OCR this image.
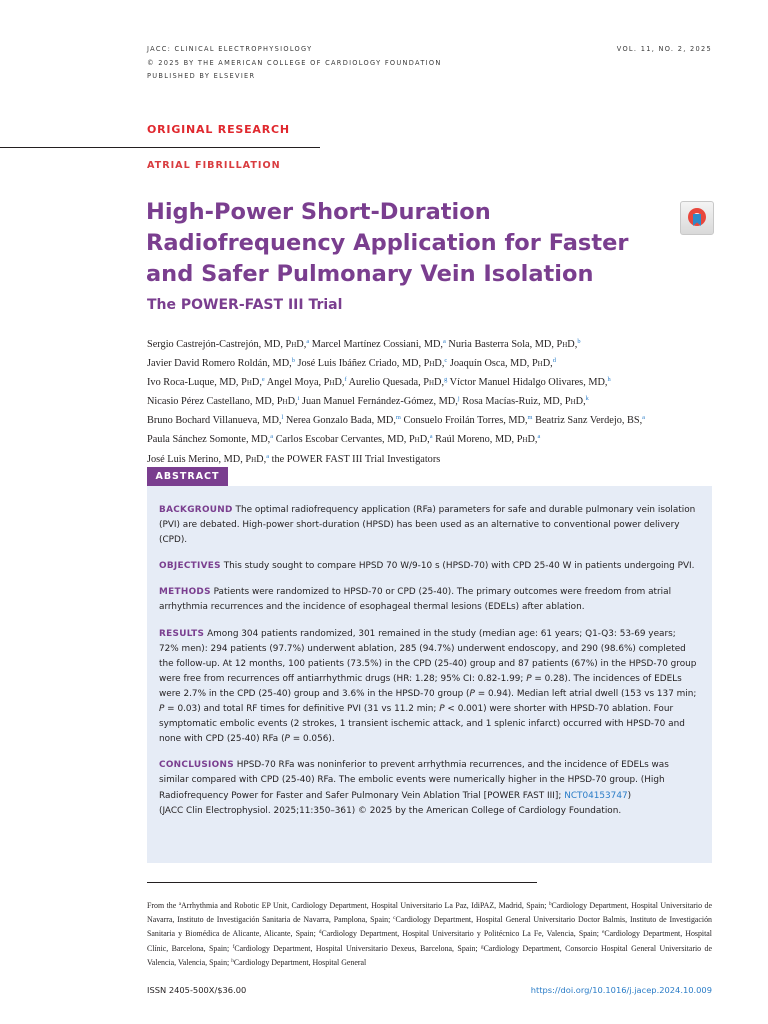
JACC: CLINICAL ELECTROPHYSIOLOGY
© 2025 BY THE AMERICAN COLLEGE OF CARDIOLOGY FOUNDATION
PUBLISHED BY ELSEVIER
VOL. 11, NO. 2, 2025
ORIGINAL RESEARCH
ATRIAL FIBRILLATION
High-Power Short-Duration Radiofrequency Application for Faster and Safer Pulmonary Vein Isolation
The POWER-FAST III Trial
Sergio Castrejón-Castrejón, MD, PhD,$^a$ Marcel Martínez Cossiani, MD,$^a$ Nuria Basterra Sola, MD, PhD,$^b$
Javier David Romero Roldán, MD,$^b$ José Luis Ibáñez Criado, MD, PhD,$^c$ Joaquín Osca, MD, PhD,$^d$
Ivo Roca-Luque, MD, PhD,$^e$ Angel Moya, PhD,$^f$ Aurelio Quesada, PhD,$^g$ Víctor Manuel Hidalgo Olivares, MD,$^h$
Nicasio Pérez Castellano, MD, PhD,$^i$ Juan Manuel Fernández-Gómez, MD,$^j$ Rosa Macías-Ruiz, MD, PhD,$^k$
Bruno Bochard Villanueva, MD,$^l$ Nerea Gonzalo Bada, MD,$^m$ Consuelo Froilán Torres, MD,$^m$ Beatriz Sanz Verdejo, BS,$^a$
Paula Sánchez Somonte, MD,$^a$ Carlos Escobar Cervantes, MD, PhD,$^a$ Raúl Moreno, MD, PhD,$^a$
José Luis Merino, MD, PhD,$^a$ the POWER FAST III Trial Investigators
ABSTRACT

BACKGROUND The optimal radiofrequency application (RFa) parameters for safe and durable pulmonary vein isolation (PVI) are debated. High-power short-duration (HPSD) has been used as an alternative to conventional power delivery (CPD).

OBJECTIVES This study sought to compare HPSD 70 W/9-10 s (HPSD-70) with CPD 25-40 W in patients undergoing PVI.

METHODS Patients were randomized to HPSD-70 or CPD (25-40). The primary outcomes were freedom from atrial arrhythmia recurrences and the incidence of esophageal thermal lesions (EDELs) after ablation.

RESULTS Among 304 patients randomized, 301 remained in the study (median age: 61 years; Q1-Q3: 53-69 years; 72% men): 294 patients (97.7%) underwent ablation, 285 (94.7%) underwent endoscopy, and 290 (98.6%) completed the follow-up. At 12 months, 100 patients (73.5%) in the CPD (25-40) group and 87 patients (67%) in the HPSD-70 group were free from recurrences off antiarrhythmic drugs (HR: 1.28; 95% CI: 0.82-1.99; P = 0.28). The incidences of EDELs were 2.7% in the CPD (25-40) group and 3.6% in the HPSD-70 group (P = 0.94). Median left atrial dwell (153 vs 137 min; P = 0.03) and total RF times for definitive PVI (31 vs 11.2 min; P < 0.001) were shorter with HPSD-70 ablation. Four symptomatic embolic events (2 strokes, 1 transient ischemic attack, and 1 splenic infarct) occurred with HPSD-70 and none with CPD (25-40) RFa (P = 0.056).

CONCLUSIONS HPSD-70 RFa was noninferior to prevent arrhythmia recurrences, and the incidence of EDELs was similar compared with CPD (25-40) RFa. The embolic events were numerically higher in the HPSD-70 group. (High Radiofrequency Power for Faster and Safer Pulmonary Vein Ablation Trial [POWER FAST III]; NCT04153747)
(JACC Clin Electrophysiol. 2025;11:350–361) © 2025 by the American College of Cardiology Foundation.

From the $^a$Arrhythmia and Robotic EP Unit, Cardiology Department, Hospital Universitario La Paz, IdiPAZ, Madrid, Spain; $^b$Cardiology Department, Hospital Universitario de Navarra, Instituto de Investigación Sanitaria de Navarra, Pamplona, Spain; $^c$Cardiology Department, Hospital General Universitario Doctor Balmis, Instituto de Investigación Sanitaria y Biomédica de Alicante, Alicante, Spain; $^d$Cardiology Department, Hospital Universitario y Politécnico La Fe, Valencia, Spain; $^e$Cardiology Department, Hospital Clínic, Barcelona, Spain; $^f$Cardiology Department, Hospital Universitario Dexeus, Barcelona, Spain; $^g$Cardiology Department, Consorcio Hospital General Universitario de Valencia, Valencia, Spain; $^h$Cardiology Department, Hospital General
ISSN 2405-500X/$36.00	https://doi.org/10.1016/j.jacep.2024.10.009
